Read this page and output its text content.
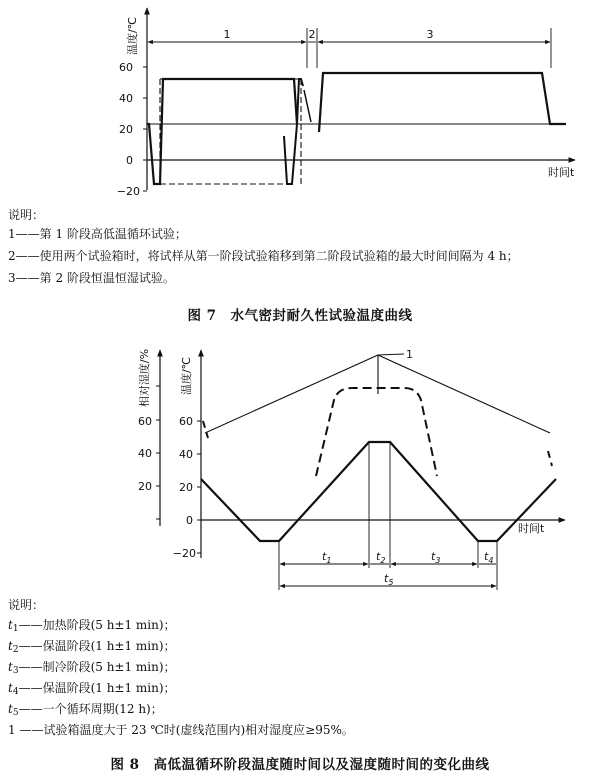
60
40
20
0
−20
温度/℃
时间t
1	2	3
说明：
1——第 1 阶段高低温循环试验；
2——使用两个试验箱时，将试样从第一阶段试验箱移到第二阶段试验箱的最大时间间隔为 4 h；
3——第 2 阶段恒温恒湿试验。
图 7　水气密封耐久性试验温度曲线
60
40
20
相对湿度/%
60
40
20
0
−20
温度/℃
时间t
1
$t_1$	$t_2$	$t_3$	$t_4$
$t_5$
说明：
$t_1——$加热阶段(5 h±1 min)；
$t_2——$保温阶段(1 h±1 min)；
$t_3——$制冷阶段(5 h±1 min)；
$t_4——$保温阶段(1 h±1 min)；
$t_5——$一个循环周期(12 h)；
1 ——试验箱温度大于 23 ℃时(虚线范围内)相对湿度应≥95%。
图 8　高低温循环阶段温度随时间以及湿度随时间的变化曲线
